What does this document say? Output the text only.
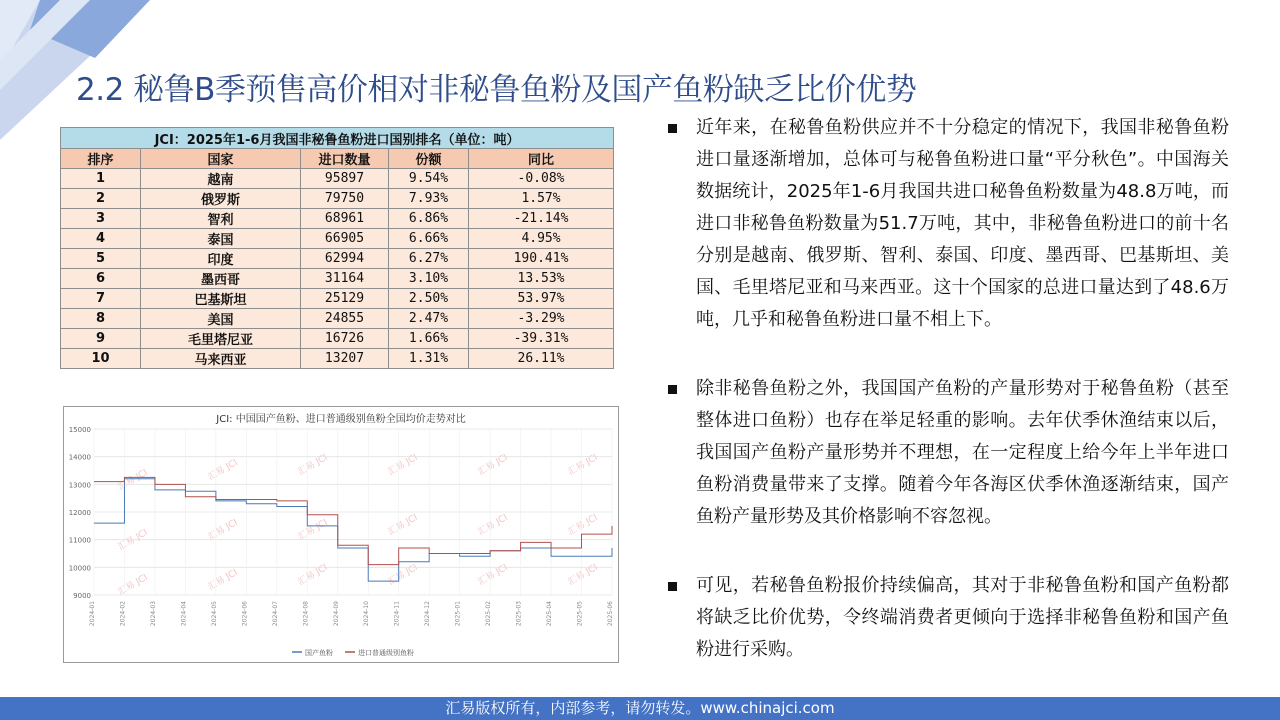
2.2 秘鲁B季预售高价相对非秘鲁鱼粉及国产鱼粉缺乏比价优势
JCI：2025年1-6月我国非秘鲁鱼粉进口国别排名（单位：吨）				
排序	国家	进口数量	份额	同比
1	越南	95897	9.54%	-0.08%
2	俄罗斯	79750	7.93%	1.57%
3	智利	68961	6.86%	-21.14%
4	泰国	66905	6.66%	4.95%
5	印度	62994	6.27%	190.41%
6	墨西哥	31164	3.10%	13.53%
7	巴基斯坦	25129	2.50%	53.97%
8	美国	24855	2.47%	-3.29%
9	毛里塔尼亚	16726	1.66%	-39.31%
10	马来西亚	13207	1.31%	26.11%
JCI: 中国国产鱼粉、进口普通级别鱼粉全国均价走势对比
汇易 JCI	汇易 JCI	汇易 JCI	汇易 JCI	汇易 JCI	汇易 JCI
汇易 JCI	汇易 JCI	汇易 JCI	汇易 JCI	汇易 JCI	汇易 JCI
汇易 JCI	汇易 JCI	汇易 JCI	汇易 JCI	汇易 JCI	汇易 JCI
15000
14000
13000
12000
11000
10000
9000
2024-01	2024-02	2024-03	2024-04	2024-05	2024-06	2024-07	2024-08	2024-09	2024-10	2024-11	2024-12	2025-01	2025-02	2025-03	2025-04	2025-05	2025-06
国产鱼粉	进口普通级别鱼粉
近年来，在秘鲁鱼粉供应并不十分稳定的情况下，我国非秘鲁鱼粉进口量逐渐增加，总体可与秘鲁鱼粉进口量“平分秋色”。中国海关数据统计，2025年1-6月我国共进口秘鲁鱼粉数量为48.8万吨，而进口非秘鲁鱼粉数量为51.7万吨，其中，非秘鲁鱼粉进口的前十名分别是越南、俄罗斯、智利、泰国、印度、墨西哥、巴基斯坦、美国、毛里塔尼亚和马来西亚。这十个国家的总进口量达到了48.6万吨，几乎和秘鲁鱼粉进口量不相上下。
除非秘鲁鱼粉之外，我国国产鱼粉的产量形势对于秘鲁鱼粉（甚至整体进口鱼粉）也存在举足轻重的影响。去年伏季休渔结束以后，我国国产鱼粉产量形势并不理想，在一定程度上给今年上半年进口鱼粉消费量带来了支撑。随着今年各海区伏季休渔逐渐结束，国产鱼粉产量形势及其价格影响不容忽视。
可见，若秘鲁鱼粉报价持续偏高，其对于非秘鲁鱼粉和国产鱼粉都将缺乏比价优势，令终端消费者更倾向于选择非秘鲁鱼粉和国产鱼粉进行采购。
汇易版权所有，内部参考，请勿转发。www.chinajci.com
